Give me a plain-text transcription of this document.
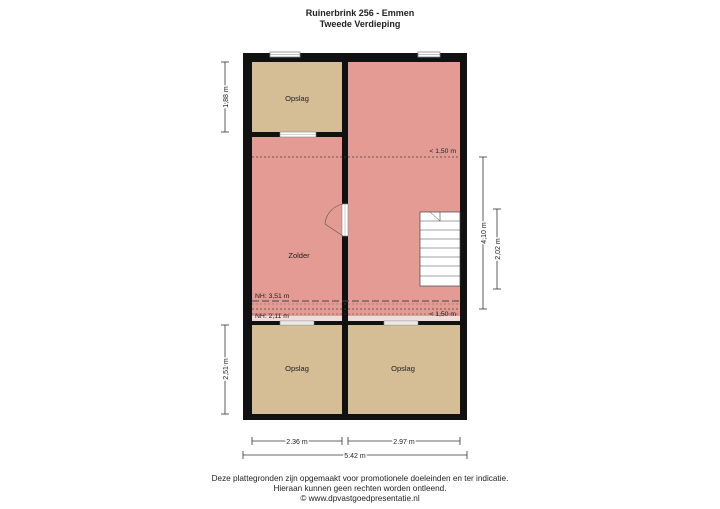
Ruinerbrink 256 - Emmen
Tweede Verdieping
Opslag
Zolder
Opslag	Opslag
< 1,50 m
NH: 3,51 m
NH: 2,11 m	< 1,50 m
1,88 m
2,51 m
4,10 m
2,02 m
2.36 m	2.97 m
5.42 m
Deze plattegronden zijn opgemaakt voor promotionele doeleinden en ter indicatie.
Hieraan kunnen geen rechten worden ontleend.
© www.dpvastgoedpresentatie.nl
